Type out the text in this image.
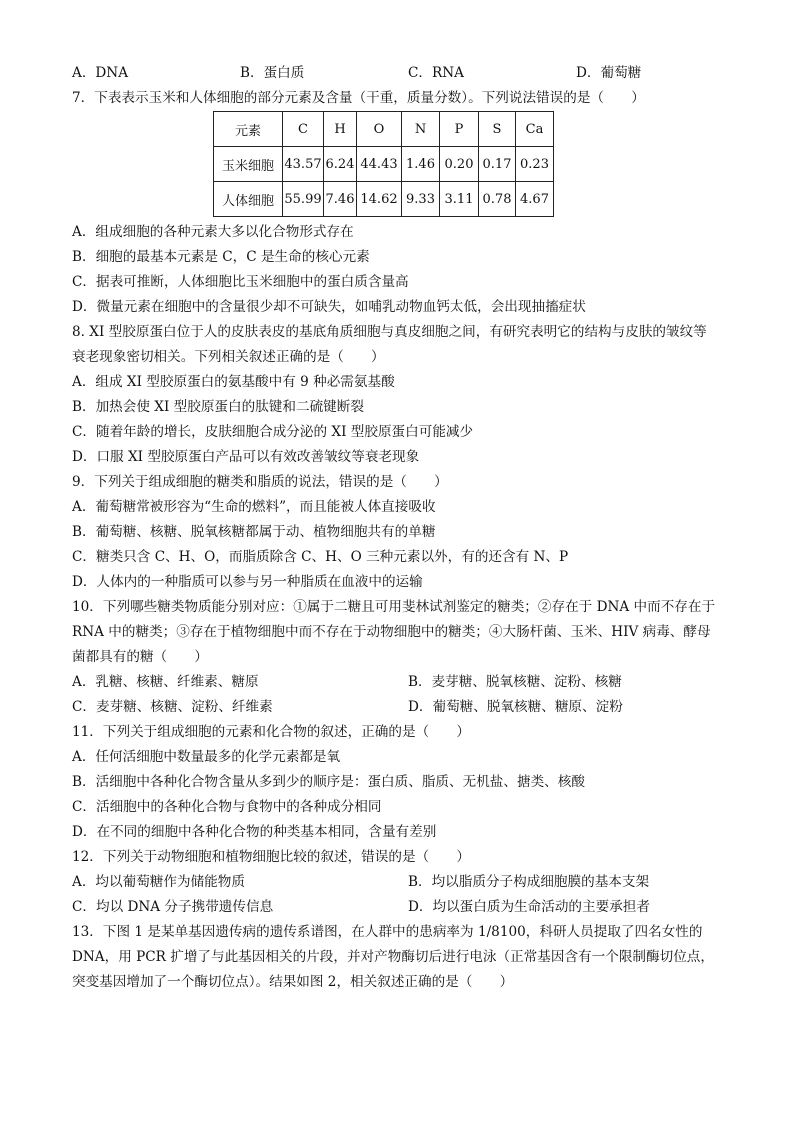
A．DNA	B．蛋白质	C．RNA	D．葡萄糖
7．下表表示玉米和人体细胞的部分元素及含量（干重，质量分数）。下列说法错误的是（　　）
元素	C	H	O	N	P	S	Ca
玉米细胞	43.57	6.24	44.43	1.46	0.20	0.17	0.23
人体细胞	55.99	7.46	14.62	9.33	3.11	0.78	4.67
A．组成细胞的各种元素大多以化合物形式存在
B．细胞的最基本元素是 C，C 是生命的核心元素
C．据表可推断，人体细胞比玉米细胞中的蛋白质含量高
D．微量元素在细胞中的含量很少却不可缺失，如哺乳动物血钙太低，会出现抽搐症状
8. XI 型胶原蛋白位于人的皮肤表皮的基底角质细胞与真皮细胞之间，有研究表明它的结构与皮肤的皱纹等
衰老现象密切相关。下列相关叙述正确的是（　　）
A．组成 XI 型胶原蛋白的氨基酸中有 9 种必需氨基酸
B．加热会使 XI 型胶原蛋白的肽键和二硫键断裂
C．随着年龄的增长，皮肤细胞合成分泌的 XI 型胶原蛋白可能减少
D．口服 XI 型胶原蛋白产品可以有效改善皱纹等衰老现象
9．下列关于组成细胞的糖类和脂质的说法，错误的是（　　）
A．葡萄糖常被形容为“生命的燃料”，而且能被人体直接吸收
B．葡萄糖、核糖、脱氧核糖都属于动、植物细胞共有的单糖
C．糖类只含 C、H、O，而脂质除含 C、H、O 三种元素以外，有的还含有 N、P
D．人体内的一种脂质可以参与另一种脂质在血液中的运输
10．下列哪些糖类物质能分别对应：①属于二糖且可用斐林试剂鉴定的糖类；②存在于 DNA 中而不存在于
RNA 中的糖类；③存在于植物细胞中而不存在于动物细胞中的糖类；④大肠杆菌、玉米、HIV 病毒、酵母
菌都具有的糖（　　）
A．乳糖、核糖、纤维素、糖原	B．麦芽糖、脱氧核糖、淀粉、核糖
C．麦芽糖、核糖、淀粉、纤维素	D．葡萄糖、脱氧核糖、糖原、淀粉
11．下列关于组成细胞的元素和化合物的叙述，正确的是（　　）
A．任何活细胞中数量最多的化学元素都是氧
B．活细胞中各种化合物含量从多到少的顺序是：蛋白质、脂质、无机盐、搪类、核酸
C．活细胞中的各种化合物与食物中的各种成分相同
D．在不同的细胞中各种化合物的种类基本相同，含量有差别
12．下列关于动物细胞和植物细胞比较的叙述，错误的是（　　）
A．均以葡萄糖作为储能物质	B．均以脂质分子构成细胞膜的基本支架
C．均以 DNA 分子携带遗传信息	D．均以蛋白质为生命活动的主要承担者
13．下图 1 是某单基因遗传病的遗传系谱图，在人群中的患病率为 1/8100，科研人员提取了四名女性的
DNA，用 PCR 扩增了与此基因相关的片段，并对产物酶切后进行电泳（正常基因含有一个限制酶切位点，
突变基因增加了一个酶切位点）。结果如图 2，相关叙述正确的是（　　）
